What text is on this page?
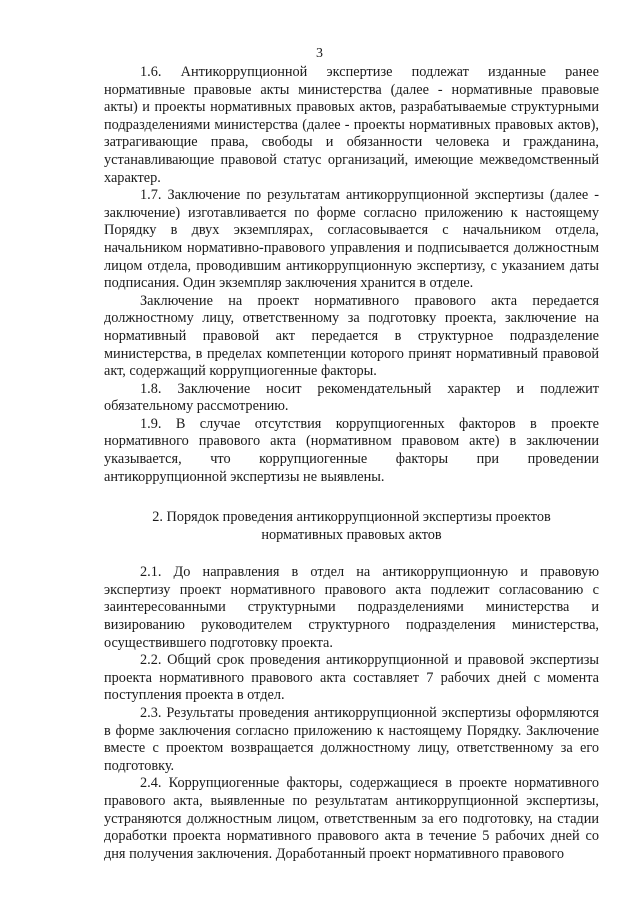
3

1.6. Антикоррупционной экспертизе подлежат изданные ранее нормативные правовые акты министерства (далее - нормативные правовые акты) и проекты нормативных правовых актов, разрабатываемые структурными подразделениями министерства (далее - проекты нормативных правовых актов), затрагивающие права, свободы и обязанности человека и гражданина, устанавливающие правовой статус организаций, имеющие межведомственный характер.

1.7. Заключение по результатам антикоррупционной экспертизы (далее - заключение) изготавливается по форме согласно приложению к настоящему Порядку в двух экземплярах, согласовывается с начальником отдела, начальником нормативно-правового управления и подписывается должностным лицом отдела, проводившим антикоррупционную экспертизу, с указанием даты подписания. Один экземпляр заключения хранится в отделе.

Заключение на проект нормативного правового акта передается должностному лицу, ответственному за подготовку проекта, заключение на нормативный правовой акт передается в структурное подразделение министерства, в пределах компетенции которого принят нормативный правовой акт, содержащий коррупциогенные факторы.

1.8. Заключение носит рекомендательный характер и подлежит обязательному рассмотрению.

1.9. В случае отсутствия коррупциогенных факторов в проекте нормативного правового акта (нормативном правовом акте) в заключении указывается, что коррупциогенные факторы при проведении антикоррупционной экспертизы не выявлены.

2. Порядок проведения антикоррупционной экспертизы проектов
нормативных правовых актов

2.1. До направления в отдел на антикоррупционную и правовую экспертизу проект нормативного правового акта подлежит согласованию с заинтересованными структурными подразделениями министерства и визированию руководителем структурного подразделения министерства, осуществившего подготовку проекта.

2.2. Общий срок проведения антикоррупционной и правовой экспертизы проекта нормативного правового акта составляет 7 рабочих дней с момента поступления проекта в отдел.

2.3. Результаты проведения антикоррупционной экспертизы оформляются в форме заключения согласно приложению к настоящему Порядку. Заключение вместе с проектом возвращается должностному лицу, ответственному за его подготовку.

2.4. Коррупциогенные факторы, содержащиеся в проекте нормативного правового акта, выявленные по результатам антикоррупционной экспертизы, устраняются должностным лицом, ответственным за его подготовку, на стадии доработки проекта нормативного правового акта в течение 5 рабочих дней со дня получения заключения. Доработанный проект нормативного правового
